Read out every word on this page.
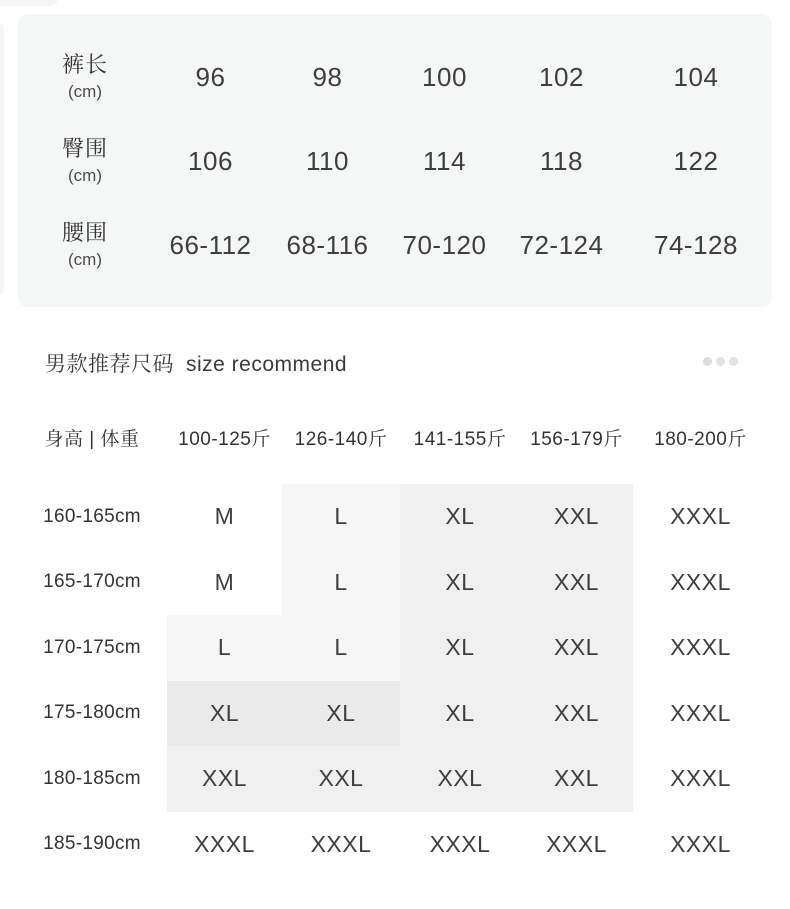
裤长
(cm)	96	98	100	102	104
臀围
(cm)	106	110	114	118	122
腰围
(cm)	66-112	68-116	70-120	72-124	74-128
男款推荐尺码 size recommend
身高 | 体重	100-125斤	126-140斤	141-155斤	156-179斤	180-200斤
160-165cm	M	L	XL	XXL	XXXL
165-170cm	M	L	XL	XXL	XXXL
170-175cm	L	L	XL	XXL	XXXL
175-180cm	XL	XL	XL	XXL	XXXL
180-185cm	XXL	XXL	XXL	XXL	XXXL
185-190cm	XXXL	XXXL	XXXL	XXXL	XXXL
